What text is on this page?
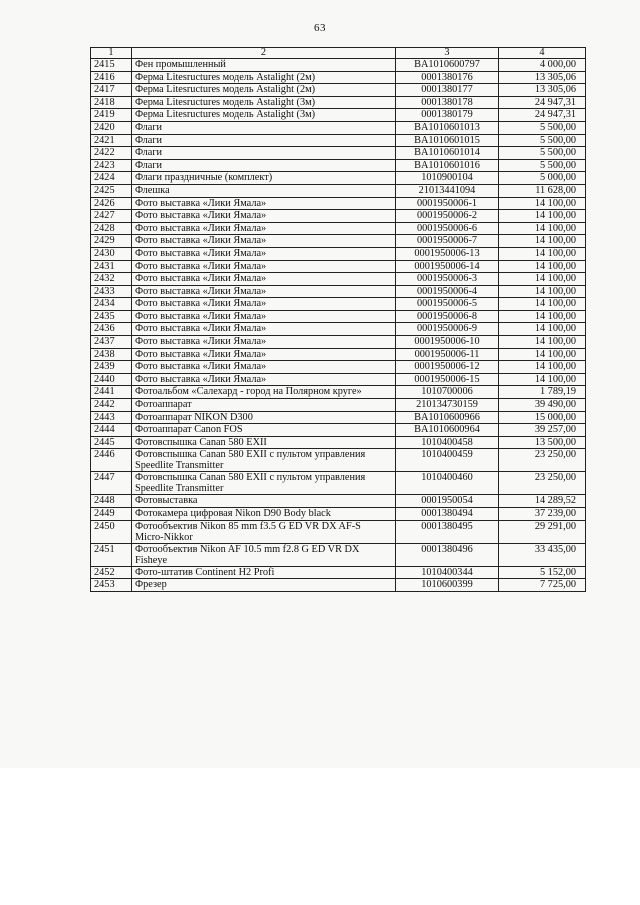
63
1	2	3	4
2415	Фен промышленный	BA1010600797	4 000,00
2416	Ферма Litesructures модель Astalight (2м)	0001380176	13 305,06
2417	Ферма Litesructures модель Astalight (2м)	0001380177	13 305,06
2418	Ферма Litesructures модель Astalight (3м)	0001380178	24 947,31
2419	Ферма Litesructures модель Astalight (3м)	0001380179	24 947,31
2420	Флаги	BA1010601013	5 500,00
2421	Флаги	BA1010601015	5 500,00
2422	Флаги	BA1010601014	5 500,00
2423	Флаги	BA1010601016	5 500,00
2424	Флаги праздничные (комплект)	1010900104	5 000,00
2425	Флешка	21013441094	11 628,00
2426	Фото выставка «Лики Ямала»	0001950006-1	14 100,00
2427	Фото выставка «Лики Ямала»	0001950006-2	14 100,00
2428	Фото выставка «Лики Ямала»	0001950006-6	14 100,00
2429	Фото выставка «Лики Ямала»	0001950006-7	14 100,00
2430	Фото выставка «Лики Ямала»	0001950006-13	14 100,00
2431	Фото выставка «Лики Ямала»	0001950006-14	14 100,00
2432	Фото выставка «Лики Ямала»	0001950006-3	14 100,00
2433	Фото выставка «Лики Ямала»	0001950006-4	14 100,00
2434	Фото выставка «Лики Ямала»	0001950006-5	14 100,00
2435	Фото выставка «Лики Ямала»	0001950006-8	14 100,00
2436	Фото выставка «Лики Ямала»	0001950006-9	14 100,00
2437	Фото выставка «Лики Ямала»	0001950006-10	14 100,00
2438	Фото выставка «Лики Ямала»	0001950006-11	14 100,00
2439	Фото выставка «Лики Ямала»	0001950006-12	14 100,00
2440	Фото выставка «Лики Ямала»	0001950006-15	14 100,00
2441	Фотоальбом «Салехард - город на Полярном круге»	1010700006	1 789,19
2442	Фотоаппарат	210134730159	39 490,00
2443	Фотоаппарат NIKON D300	BA1010600966	15 000,00
2444	Фотоаппарат Canon FOS	BA1010600964	39 257,00
2445	Фотовспышка Canan 580 EXII	1010400458	13 500,00
2446	Фотовспышка Canan 580 EXII с пультом управления Speedlite Transmitter	1010400459	23 250,00
2447	Фотовспышка Canan 580 EXII с пультом управления Speedlite Transmitter	1010400460	23 250,00
2448	Фотовыставка	0001950054	14 289,52
2449	Фотокамера цифровая Nikon D90 Body black	0001380494	37 239,00
2450	Фотообъектив Nikon 85 mm f3.5 G ED VR DX AF-S Micro-Nikkor	0001380495	29 291,00
2451	Фотообъектив Nikon AF 10.5 mm f2.8 G ED VR DX Fisheye	0001380496	33 435,00
2452	Фото-штатив Continent H2 Profi	1010400344	5 152,00
2453	Фрезер	1010600399	7 725,00
